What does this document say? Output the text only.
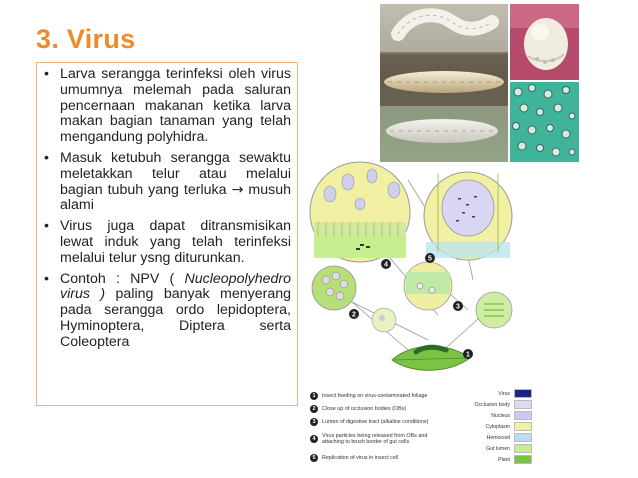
3. Virus
• Larva serangga terinfeksi oleh virus umumnya melemah pada saluran pencernaan makanan ketika larva makan bagian tanaman yang telah mengandung polyhidra.
• Masuk ketubuh serangga sewaktu meletakkan telur atau melalui bagian tubuh yang terluka → musuh alami
• Virus juga dapat ditransmisikan lewat induk yang telah terinfeksi melalui telur ysng diturunkan.
• Contoh : NPV ( Nucleopolyhedro virus ) paling banyak menyerang pada serangga ordo lepidoptera, Hyminoptera, Diptera serta Coleoptera
1
2
3
4
5
1	Insect feeding on virus-contaminated foliage
2	Close up of occlusion bodies (OBs)
3	Lumen of digestive tract (alkaline conditions)
4	Virus particles being released from OBs and attaching to brush border of gut cells
5	Replication of virus in insect cell
Virus
Occlusion body
Nucleus
Cytoplasm
Hemocoel
Gut lumen
Plant
